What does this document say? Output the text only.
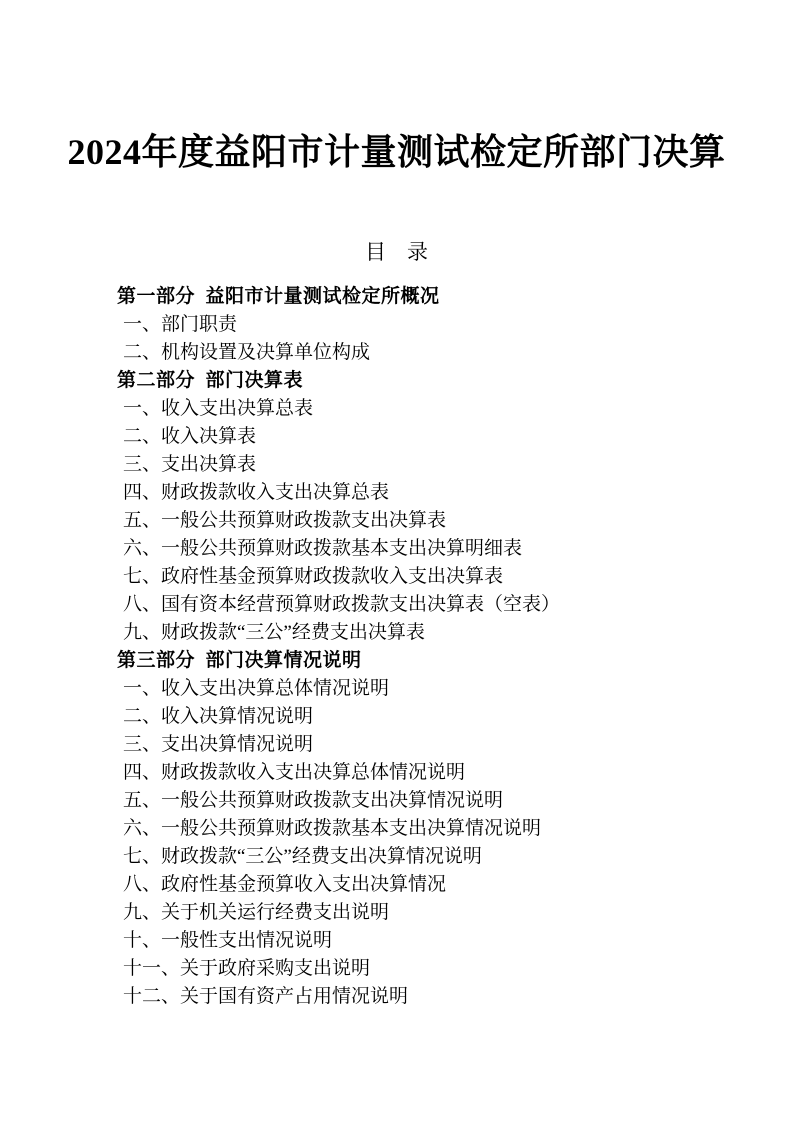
2024年度益阳市计量测试检定所部门决算
目　录
第一部分  益阳市计量测试检定所概况
一、部门职责
二、机构设置及决算单位构成
第二部分  部门决算表
一、收入支出决算总表
二、收入决算表
三、支出决算表
四、财政拨款收入支出决算总表
五、一般公共预算财政拨款支出决算表
六、一般公共预算财政拨款基本支出决算明细表
七、政府性基金预算财政拨款收入支出决算表
八、国有资本经营预算财政拨款支出决算表（空表）
九、财政拨款“三公”经费支出决算表
第三部分  部门决算情况说明
一、收入支出决算总体情况说明
二、收入决算情况说明
三、支出决算情况说明
四、财政拨款收入支出决算总体情况说明
五、一般公共预算财政拨款支出决算情况说明
六、一般公共预算财政拨款基本支出决算情况说明
七、财政拨款“三公”经费支出决算情况说明
八、政府性基金预算收入支出决算情况
九、关于机关运行经费支出说明
十、一般性支出情况说明
十一、关于政府采购支出说明
十二、关于国有资产占用情况说明
